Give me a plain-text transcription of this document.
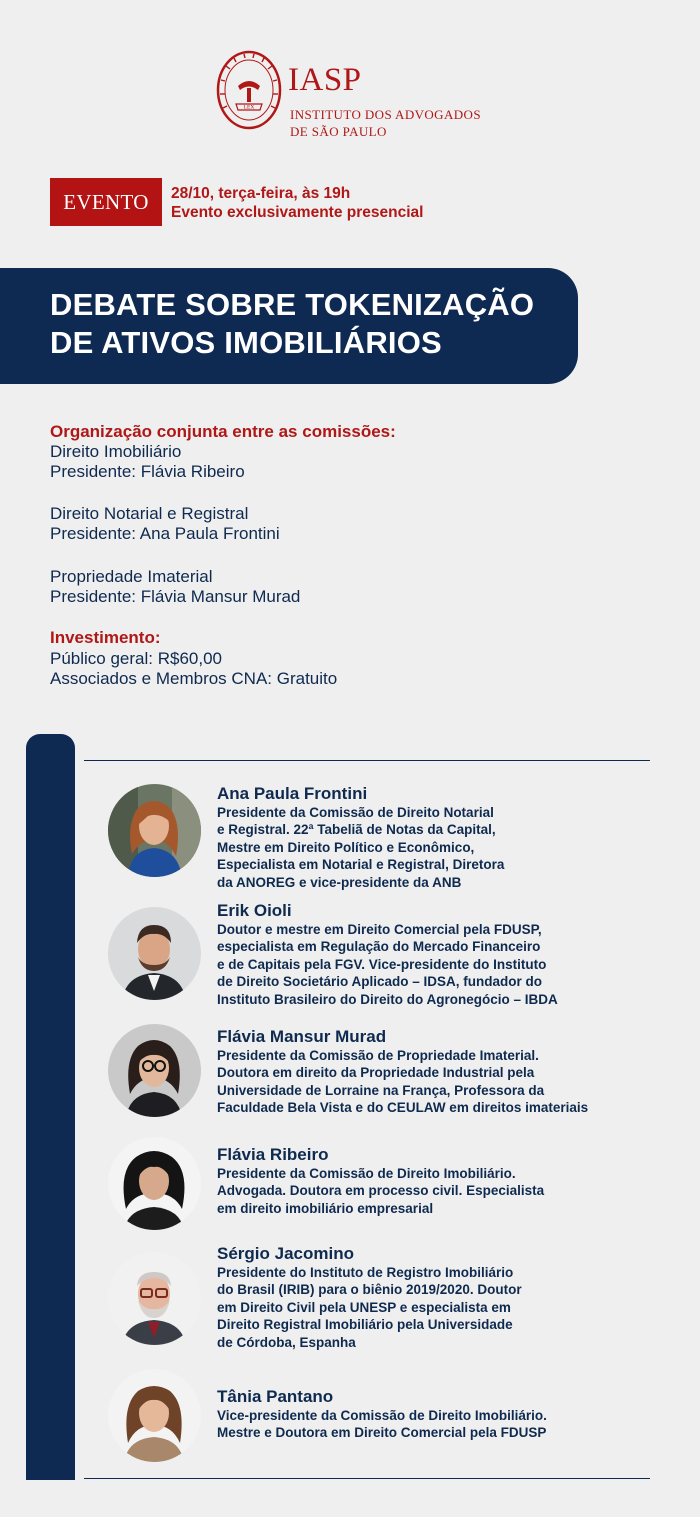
LEX
IASP
INSTITUTO DOS ADVOGADOS
DE SÃO PAULO
EVENTO	28/10, terça-feira, às 19h
Evento exclusivamente presencial
DEBATE SOBRE TOKENIZAÇÃO
DE ATIVOS IMOBILIÁRIOS
Organização conjunta entre as comissões:
Direito Imobiliário
Presidente: Flávia Ribeiro
Direito Notarial e Registral
Presidente: Ana Paula Frontini
Propriedade Imaterial
Presidente: Flávia Mansur Murad
Investimento:
Público geral: R$60,00
Associados e Membros CNA: Gratuito
Ana Paula Frontini
Presidente da Comissão de Direito Notarial
e Registral. 22ª Tabeliã de Notas da Capital,
Mestre em Direito Político e Econômico,
Especialista em Notarial e Registral, Diretora
da ANOREG e vice-presidente da ANB
Erik Oioli
Doutor e mestre em Direito Comercial pela FDUSP,
especialista em Regulação do Mercado Financeiro
e de Capitais pela FGV. Vice-presidente do Instituto
de Direito Societário Aplicado – IDSA, fundador do
Instituto Brasileiro do Direito do Agronegócio – IBDA
Flávia Mansur Murad
Presidente da Comissão de Propriedade Imaterial.
Doutora em direito da Propriedade Industrial pela
Universidade de Lorraine na França, Professora da
Faculdade Bela Vista e do CEULAW em direitos imateriais
Flávia Ribeiro
Presidente da Comissão de Direito Imobiliário.
Advogada. Doutora em processo civil. Especialista
em direito imobiliário empresarial
Sérgio Jacomino
Presidente do Instituto de Registro Imobiliário
do Brasil (IRIB) para o biênio 2019/2020. Doutor
em Direito Civil pela UNESP e especialista em
Direito Registral Imobiliário pela Universidade
de Córdoba, Espanha
Tânia Pantano
Vice-presidente da Comissão de Direito Imobiliário.
Mestre e Doutora em Direito Comercial pela FDUSP
